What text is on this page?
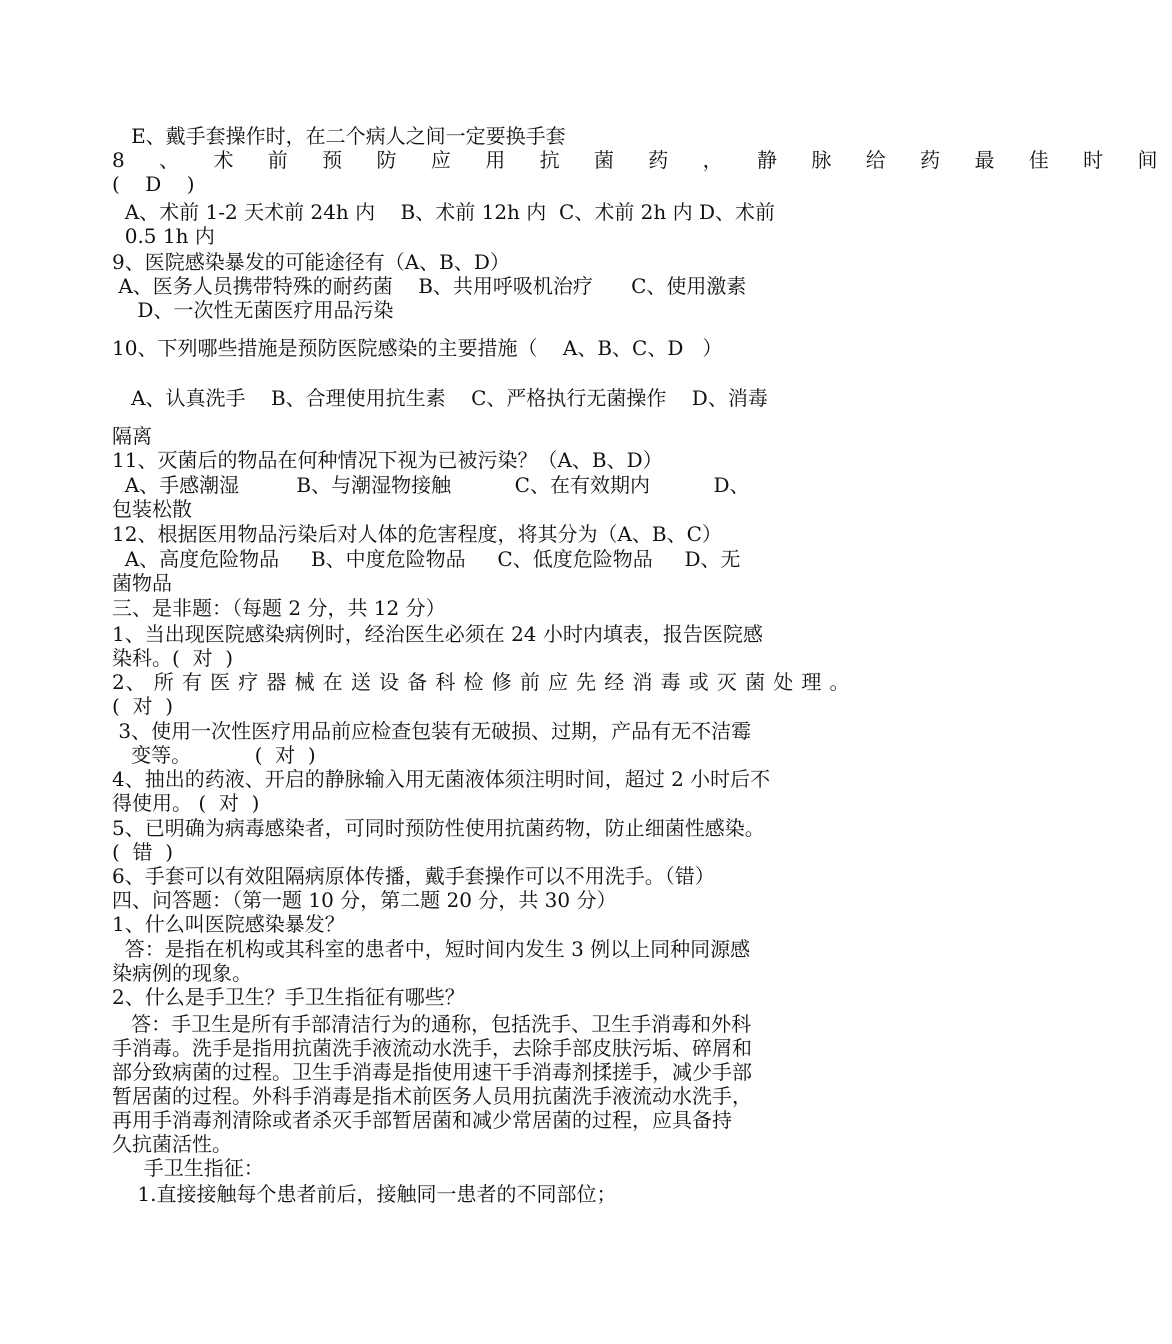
E、戴手套操作时，在二个病人之间一定要换手套
8 、 术 前 预 防 应 用 抗 菌 药 ， 静 脉 给 药 最 佳 时 间
(    D    )
A、术前 1-2 天术前 24h 内    B、术前 12h 内  C、术前 2h 内 D、术前
0.5 1h 内
9、医院感染暴发的可能途径有（A、B、D）
A、医务人员携带特殊的耐药菌    B、共用呼吸机治疗      C、使用激素
D、一次性无菌医疗用品污染
10、下列哪些措施是预防医院感染的主要措施（    A、B、C、D   ）
A、认真洗手    B、合理使用抗生素    C、严格执行无菌操作    D、消毒
隔离
11、灭菌后的物品在何种情况下视为已被污染？（A、B、D）
A、手感潮湿         B、与潮湿物接触          C、在有效期内          D、
包装松散
12、根据医用物品污染后对人体的危害程度，将其分为（A、B、C）
A、高度危险物品     B、中度危险物品     C、低度危险物品     D、无
菌物品
三、是非题：（每题 2 分，共 12 分）
1、当出现医院感染病例时，经治医生必须在 24 小时内填表，报告医院感
染科。(  对  )
2、 所 有 医 疗 器 械 在 送 设 备 科 检 修 前 应 先 经 消 毒 或 灭 菌 处 理 。
(  对  )
3、使用一次性医疗用品前应检查包装有无破损、过期，产品有无不洁霉
变等。          (  对  )
4、抽出的药液、开启的静脉输入用无菌液体须注明时间，超过 2 小时后不
得使用。 (  对  )
5、已明确为病毒感染者，可同时预防性使用抗菌药物，防止细菌性感染。
(  错  )
6、手套可以有效阻隔病原体传播，戴手套操作可以不用洗手。（错）
四、问答题：（第一题 10 分，第二题 20 分，共 30 分）
1、什么叫医院感染暴发？
答：是指在机构或其科室的患者中，短时间内发生 3 例以上同种同源感
染病例的现象。
2、什么是手卫生？手卫生指征有哪些？
答：手卫生是所有手部清洁行为的通称，包括洗手、卫生手消毒和外科
手消毒。洗手是指用抗菌洗手液流动水洗手，去除手部皮肤污垢、碎屑和
部分致病菌的过程。卫生手消毒是指使用速干手消毒剂揉搓手，减少手部
暂居菌的过程。外科手消毒是指术前医务人员用抗菌洗手液流动水洗手，
再用手消毒剂清除或者杀灭手部暂居菌和减少常居菌的过程，应具备持
久抗菌活性。
手卫生指征：
1.直接接触每个患者前后，接触同一患者的不同部位；
